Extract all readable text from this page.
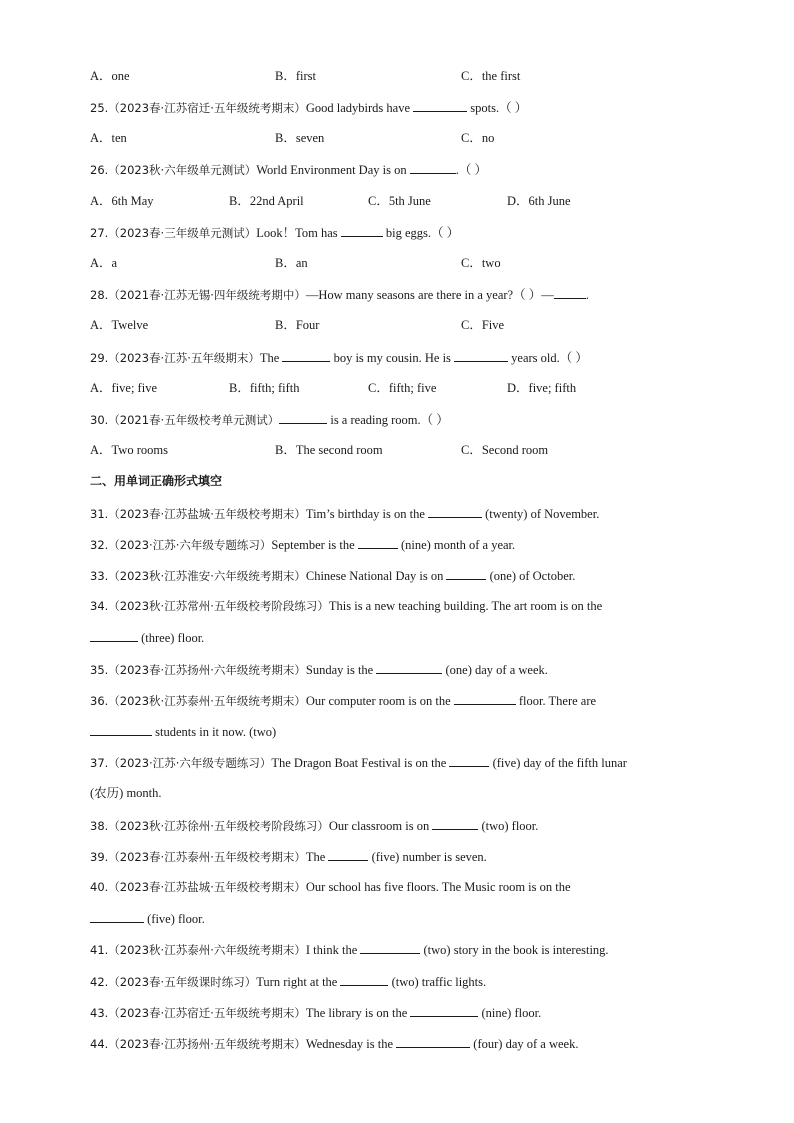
A．one	B．first	C．the first
25.（2023春·江苏宿迁·五年级统考期末）Good ladybirds have	spots.（ ）
A．ten	B．seven	C．no
26.（2023秋·六年级单元测试）World Environment Day is on	.（ ）
A．6th May	B．22nd April	C．5th June	D．6th June
27.（2023春·三年级单元测试）Look！Tom has	big eggs.（ ）
A．a	B．an	C．two
28.（2021春·江苏无锡·四年级统考期中）—How many seasons are there in a year?（ ）—	.
A．Twelve	B．Four	C．Five
29.（2023春·江苏·五年级期末）The	boy is my cousin. He is	years old.（ ）
A．five; five	B．fifth; fifth	C．fifth; five	D．five; fifth
30.（2021春·五年级校考单元测试）	is a reading room.（ ）
A．Two rooms	B．The second room	C．Second room
二、用单词正确形式填空
31.（2023春·江苏盐城·五年级校考期末）Tim’s birthday is on the	(twenty) of November.
32.（2023·江苏·六年级专题练习）September is the	(nine) month of a year.
33.（2023秋·江苏淮安·六年级统考期末）Chinese National Day is on	(one) of October.
34.（2023秋·江苏常州·五年级校考阶段练习）This is a new teaching building. The art room is on the
(three) floor.
35.（2023春·江苏扬州·六年级统考期末）Sunday is the	(one) day of a week.
36.（2023秋·江苏泰州·五年级统考期末）Our computer room is on the	floor. There are
students in it now. (two)
37.（2023·江苏·六年级专题练习）The Dragon Boat Festival is on the	(five) day of the fifth lunar
(农历) month.
38.（2023秋·江苏徐州·五年级校考阶段练习）Our classroom is on	(two) floor.
39.（2023春·江苏泰州·五年级校考期末）The	(five) number is seven.
40.（2023春·江苏盐城·五年级校考期末）Our school has five floors. The Music room is on the
(five) floor.
41.（2023秋·江苏泰州·六年级统考期末）I think the	(two) story in the book is interesting.
42.（2023春·五年级课时练习）Turn right at the	(two) traffic lights.
43.（2023春·江苏宿迁·五年级统考期末）The library is on the	(nine) floor.
44.（2023春·江苏扬州·五年级统考期末）Wednesday is the	(four) day of a week.
